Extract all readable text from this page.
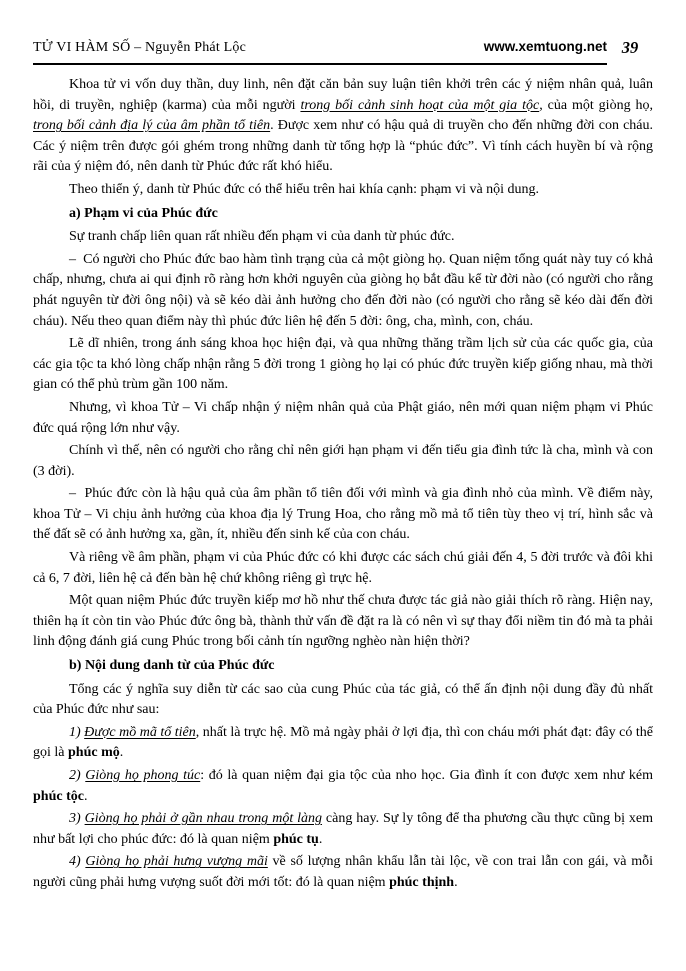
TỬ VI HÀM SỐ – Nguyễn Phát Lộc	www.xemtuong.net 39

Khoa tử vi vốn duy thần, duy linh, nên đặt căn bản suy luận tiên khởi trên các ý niệm nhân quả, luân hồi, di truyền, nghiệp (karma) của mỗi người trong bối cảnh sinh hoạt của một gia tộc, của một giòng họ, trong bối cảnh địa lý của âm phần tổ tiên. Được xem như có hậu quả di truyền cho đến những đời con cháu. Các ý niệm trên được gói ghém trong những danh từ tổng hợp là “phúc đức”. Vì tính cách huyền bí và rộng rãi của ý niệm đó, nên danh từ Phúc đức rất khó hiểu.

Theo thiển ý, danh từ Phúc đức có thể hiểu trên hai khía cạnh: phạm vi và nội dung.

a) Phạm vi của Phúc đức

Sự tranh chấp liên quan rất nhiều đến phạm vi của danh từ phúc đức.

–  Có người cho Phúc đức bao hàm tình trạng của cả một giòng họ. Quan niệm tổng quát này tuy có khả chấp, nhưng, chưa ai qui định rõ ràng hơn khởi nguyên của giòng họ bắt đầu kể từ đời nào (có người cho rằng phát nguyên từ đời ông nội) và sẽ kéo dài ảnh hưởng cho đến đời nào (có người cho rằng sẽ kéo dài đến đời cháu). Nếu theo quan điểm này thì phúc đức liên hệ đến 5 đời: ông, cha, mình, con, cháu.

Lẽ dĩ nhiên, trong ánh sáng khoa học hiện đại, và qua những thăng trầm lịch sử của các quốc gia, của các gia tộc ta khó lòng chấp nhận rằng 5 đời trong 1 giòng họ lại có phúc đức truyền kiếp giống nhau, mà thời gian có thể phủ trùm gần 100 năm.

Nhưng, vì khoa Tử – Vi chấp nhận ý niệm nhân quả của Phật giáo, nên mới quan niệm phạm vi Phúc đức quá rộng lớn như vậy.

Chính vì thế, nên có người cho rằng chỉ nên giới hạn phạm vi đến tiểu gia đình tức là cha, mình và con (3 đời).

–  Phúc đức còn là hậu quả của âm phần tổ tiên đối với mình và gia đình nhỏ của mình. Về điểm này, khoa Tử – Vi chịu ảnh hưởng của khoa địa lý Trung Hoa, cho rằng mồ mả tổ tiên tùy theo vị trí, hình sắc và thế đất sẽ có ảnh hưởng xa, gần, ít, nhiều đến sinh kế của con cháu.

Và riêng về âm phần, phạm vi của Phúc đức có khi được các sách chú giải đến 4, 5 đời trước và đôi khi cả 6, 7 đời, liên hệ cả đến bàn hệ chứ không riêng gì trực hệ.

Một quan niệm Phúc đức truyền kiếp mơ hồ như thế chưa được tác giả nào giải thích rõ ràng. Hiện nay, thiên hạ ít còn tin vào Phúc đức ông bà, thành thử vấn đề đặt ra là có nên vì sự thay đổi niềm tin đó mà ta phải linh động đánh giá cung Phúc trong bối cảnh tín ngưỡng nghèo nàn hiện thời?

b) Nội dung danh từ của Phúc đức

Tổng các ý nghĩa suy diễn từ các sao của cung Phúc của tác giả, có thể ấn định nội dung đầy đủ nhất của Phúc đức như sau:

1) Được mồ mã tổ tiên, nhất là trực hệ. Mồ mả ngày phải ở lợi địa, thì con cháu mới phát đạt: đây có thể gọi là phúc mộ.

2) Giòng họ phong túc: đó là quan niệm đại gia tộc của nho học. Gia đình ít con được xem như kém phúc tộc.

3) Giòng họ phải ở gần nhau trong một làng càng hay. Sự ly tông để tha phương cầu thực cũng bị xem như bất lợi cho phúc đức: đó là quan niệm phúc tụ.

4) Giòng họ phải hưng vượng mãi về số lượng nhân khẩu lẫn tài lộc, về con trai lẫn con gái, và mỗi người cũng phải hưng vượng suốt đời mới tốt: đó là quan niệm phúc thịnh.
